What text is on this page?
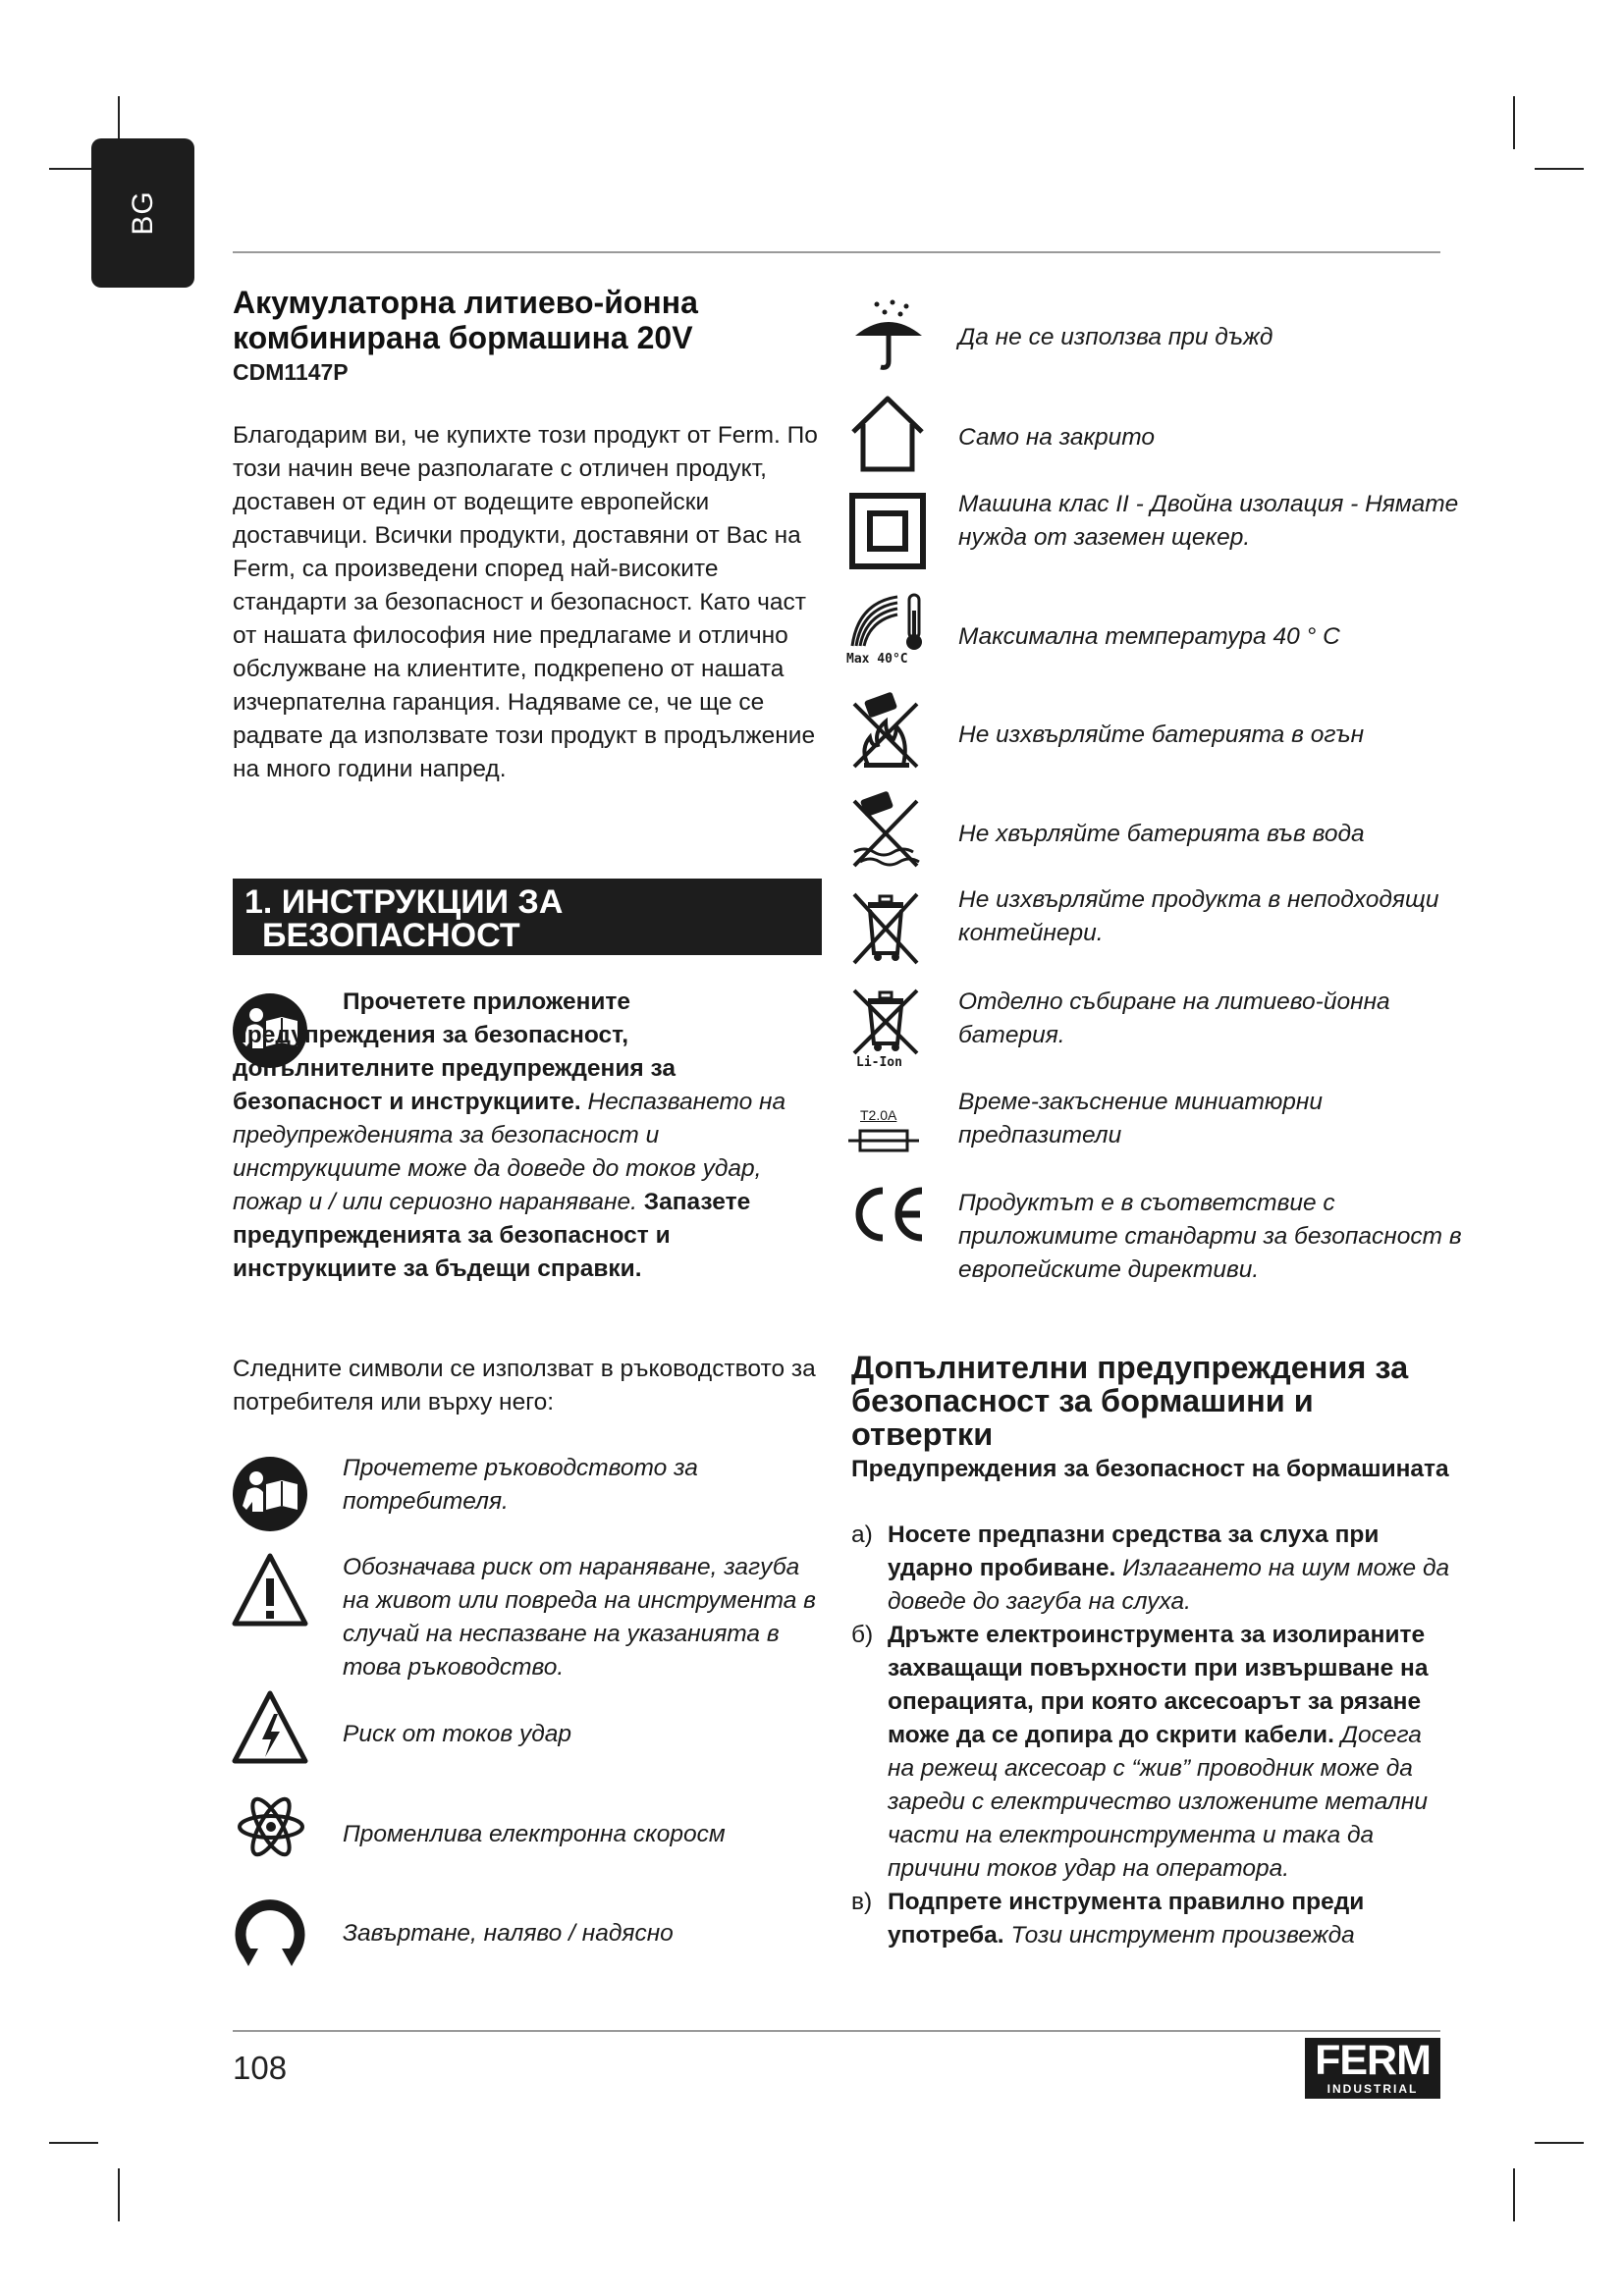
BG
Акумулаторна литиево-йонна комбинирана бормашина 20V
CDM1147P

Благодарим ви, че купихте този продукт от Ferm. По този начин вече разполагате с отличен продукт, доставен от един от водещите европейски доставчици. Всички продукти, доставяни от Вас на Ferm, са произведени според най-високите стандарти за безопасност и безопасност. Като част от нашата философия ние предлагаме и отлично обслужване на клиентите, подкрепено от нашата изчерпателна гаранция. Надяваме се, че ще се радвате да използвате този продукт в продължение на много години напред.

1. ИНСТРУКЦИИ ЗА
БЕЗОПАСНОСТ

Прочетете приложените предупреждения за безопасност, допълнителните предупреждения за безопасност и инструкциите. Неспазването на предупрежденията за безопасност и инструкциите може да доведе до токов удар, пожар и / или сериозно нараняване. Запазете предупрежденията за безопасност и инструкциите за бъдещи справки.

Следните символи се използват в ръководството за потребителя или върху него:

Прочетете ръководството за потребителя.
Обозначава риск от нараняване, загуба на живот или повреда на инструмента в случай на неспазване на указанията в това ръководство.
Риск от токов удар
Променлива електронна скоросм
Завъртане, наляво / надясно
Да не се използва при дъжд
Само на закрито
Машина клас II - Двойна изолация - Нямате нужда от заземен щекер.
Max 40°C
Максимална температура 40 ° C
Не изхвърляйте батерията в огън
Не хвърляйте батерията във вода
Не изхвърляйте продукта в неподходящи контейнери.
Li-Ion
Отделно събиране на литиево-йонна батерия.
T2.0A	Време-закъснение миниатюрни предпазители
Продуктът е в съответствие с приложимите стандарти за безопасност в европейските директиви.
Допълнителни предупреждения за безопасност за бормашини и отвертки
Предупреждения за безопасност на бормашината
а) Носете предпазни средства за слуха при ударно пробиване. Излагането на шум може да доведе до загуба на слуха.
б) Дръжте електроинструмента за изолираните захващащи повърхности при извършване на операцията, при която аксесоарът за рязане може да се допира до скрити кабели. Досега на режещ аксесоар с “жив” проводник може да зареди с електричество изложените метални части на електроинструмента и така да причини токов удар на оператора.
в) Подпрете инструмента правилно преди употреба. Този инструмент произвежда
108	FERM
INDUSTRIAL
